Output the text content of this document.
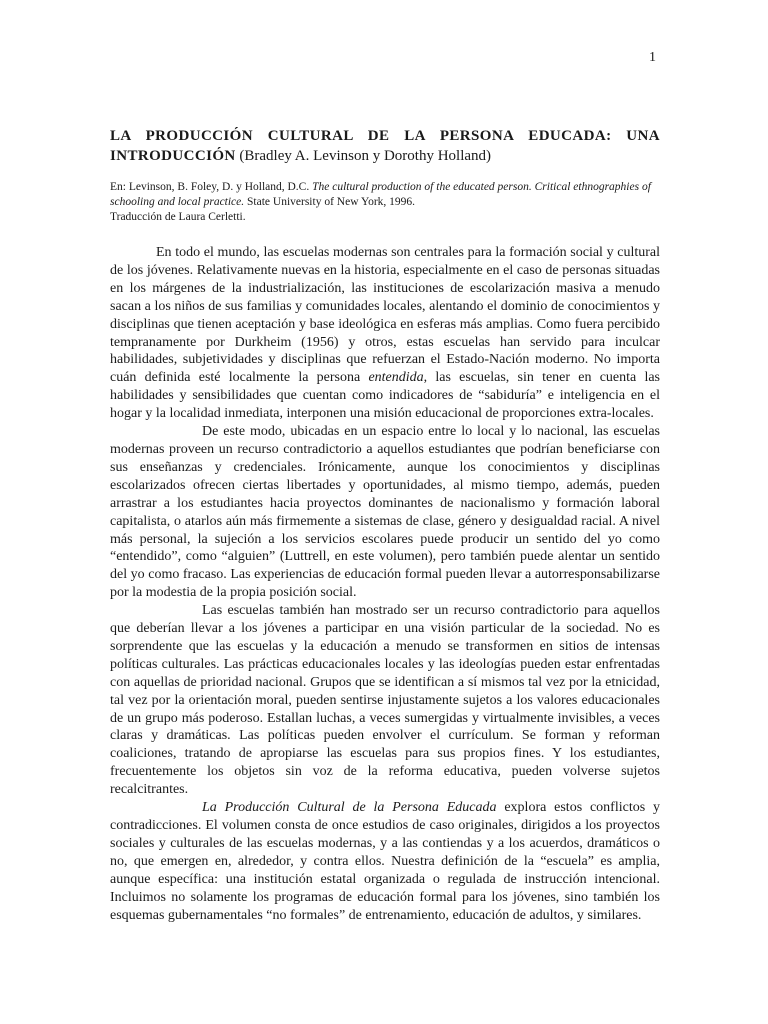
1
LA PRODUCCIÓN CULTURAL DE LA PERSONA EDUCADA: UNA INTRODUCCIÓN (Bradley A. Levinson y Dorothy Holland)

En: Levinson, B. Foley, D. y Holland, D.C. The cultural production of the educated person. Critical ethnographies of schooling and local practice. State University of New York, 1996.

Traducción de Laura Cerletti.

En todo el mundo, las escuelas modernas son centrales para la formación social y cultural de los jóvenes. Relativamente nuevas en la historia, especialmente en el caso de personas situadas en los márgenes de la industrialización, las instituciones de escolarización masiva a menudo sacan a los niños de sus familias y comunidades locales, alentando el dominio de conocimientos y disciplinas que tienen aceptación y base ideológica en esferas más amplias. Como fuera percibido tempranamente por Durkheim (1956) y otros, estas escuelas han servido para inculcar habilidades, subjetividades y disciplinas que refuerzan el Estado-Nación moderno. No importa cuán definida esté localmente la persona entendida, las escuelas, sin tener en cuenta las habilidades y sensibilidades que cuentan como indicadores de “sabiduría” e inteligencia en el hogar y la localidad inmediata, interponen una misión educacional de proporciones extra-locales.

De este modo, ubicadas en un espacio entre lo local y lo nacional, las escuelas modernas proveen un recurso contradictorio a aquellos estudiantes que podrían beneficiarse con sus enseñanzas y credenciales. Irónicamente, aunque los conocimientos y disciplinas escolarizados ofrecen ciertas libertades y oportunidades, al mismo tiempo, además, pueden arrastrar a los estudiantes hacia proyectos dominantes de nacionalismo y formación laboral capitalista, o atarlos aún más firmemente a sistemas de clase, género y desigualdad racial. A nivel más personal, la sujeción a los servicios escolares puede producir un sentido del yo como “entendido”, como “alguien” (Luttrell, en este volumen), pero también puede alentar un sentido del yo como fracaso. Las experiencias de educación formal pueden llevar a autorresponsabilizarse por la modestia de la propia posición social.

Las escuelas también han mostrado ser un recurso contradictorio para aquellos que deberían llevar a los jóvenes a participar en una visión particular de la sociedad. No es sorprendente que las escuelas y la educación a menudo se transformen en sitios de intensas políticas culturales. Las prácticas educacionales locales y las ideologías pueden estar enfrentadas con aquellas de prioridad nacional. Grupos que se identifican a sí mismos tal vez por la etnicidad, tal vez por la orientación moral, pueden sentirse injustamente sujetos a los valores educacionales de un grupo más poderoso. Estallan luchas, a veces sumergidas y virtualmente invisibles, a veces claras y dramáticas. Las políticas pueden envolver el currículum. Se forman y reforman coaliciones, tratando de apropiarse las escuelas para sus propios fines. Y los estudiantes, frecuentemente los objetos sin voz de la reforma educativa, pueden volverse sujetos recalcitrantes.

La Producción Cultural de la Persona Educada explora estos conflictos y contradicciones. El volumen consta de once estudios de caso originales, dirigidos a los proyectos sociales y culturales de las escuelas modernas, y a las contiendas y a los acuerdos, dramáticos o no, que emergen en, alrededor, y contra ellos. Nuestra definición de la “escuela” es amplia, aunque específica: una institución estatal organizada o regulada de instrucción intencional. Incluimos no solamente los programas de educación formal para los jóvenes, sino también los esquemas gubernamentales “no formales” de entrenamiento, educación de adultos, y similares.
